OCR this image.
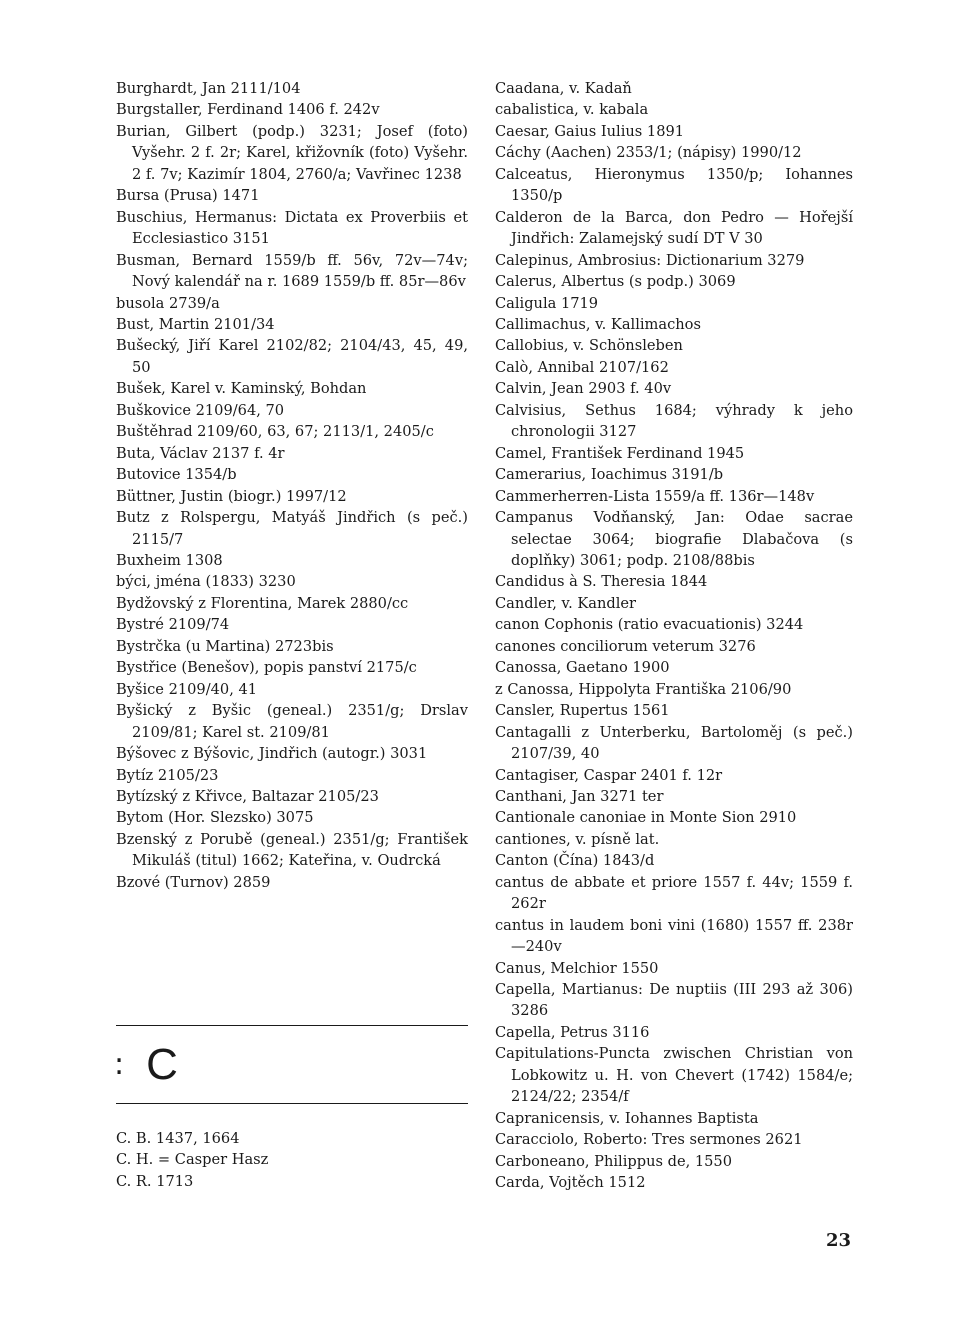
Burghardt, Jan 2111/104
Burgstaller, Ferdinand 1406 f. 242v
Burian, Gilbert (podp.) 3231; Josef (foto) Vyšehr. 2 f. 2r; Karel, křižovník (foto) Vyšehr. 2 f. 7v; Kazimír 1804, 2760/a; Vavřinec 1238
Bursa (Prusa) 1471
Buschius, Hermanus: Dictata ex Proverbiis et Ecclesiastico 3151
Busman, Bernard 1559/b ff. 56v, 72v—74v; Nový kalendář na r. 1689 1559/b ff. 85r—86v
busola 2739/a
Bust, Martin 2101/34
Bušecký, Jiří Karel 2102/82; 2104/43, 45, 49, 50
Bušek, Karel v. Kaminský, Bohdan
Buškovice 2109/64, 70
Buštěhrad 2109/60, 63, 67; 2113/1, 2405/c
Buta, Václav 2137 f. 4r
Butovice 1354/b
Büttner, Justin (biogr.) 1997/12
Butz z Rolspergu, Matyáš Jindřich (s peč.) 2115/7
Buxheim 1308
býci, jména (1833) 3230
Bydžovský z Florentina, Marek 2880/cc
Bystré 2109/74
Bystrčka (u Martina) 2723bis
Bystřice (Benešov), popis panství 2175/c
Byšice 2109/40, 41
Byšický z Byšic (geneal.) 2351/g; Drslav 2109/81; Karel st. 2109/81
Býšovec z Býšovic, Jindřich (autogr.) 3031
Bytíz 2105/23
Bytízský z Křivce, Baltazar 2105/23
Bytom (Hor. Slezsko) 3075
Bzenský z Porubě (geneal.) 2351/g; František Mikuláš (titul) 1662; Kateřina, v. Oudrcká
Bzové (Turnov) 2859
: C
C. B. 1437, 1664
C. H. = Casper Hasz
C. R. 1713
Caadana, v. Kadaň
cabalistica, v. kabala
Caesar, Gaius Iulius 1891
Cáchy (Aachen) 2353/1; (nápisy) 1990/12
Calceatus, Hieronymus 1350/p; Iohannes 1350/p
Calderon de la Barca, don Pedro — Hořejší Jindřich: Zalamejský sudí DT V 30
Calepinus, Ambrosius: Dictionarium 3279
Calerus, Albertus (s podp.) 3069
Caligula 1719
Callimachus, v. Kallimachos
Callobius, v. Schönsleben
Calò, Annibal 2107/162
Calvin, Jean 2903 f. 40v
Calvisius, Sethus 1684; výhrady k jeho chronologii 3127
Camel, František Ferdinand 1945
Camerarius, Ioachimus 3191/b
Cammerherren-Lista 1559/a ff. 136r—148v
Campanus Vodňanský, Jan: Odae sacrae selectae 3064; biografie Dlabačova (s doplňky) 3061; podp. 2108/88bis
Candidus à S. Theresia 1844
Candler, v. Kandler
canon Cophonis (ratio evacuationis) 3244
canones conciliorum veterum 3276
Canossa, Gaetano 1900
z Canossa, Hippolyta Františka 2106/90
Cansler, Rupertus 1561
Cantagalli z Unterberku, Bartoloměj (s peč.) 2107/39, 40
Cantagiser, Caspar 2401 f. 12r
Canthani, Jan 3271 ter
Cantionale canoniae in Monte Sion 2910
cantiones, v. písně lat.
Canton (Čína) 1843/d
cantus de abbate et priore 1557 f. 44v; 1559 f. 262r
cantus in laudem boni vini (1680) 1557 ff. 238r—240v
Canus, Melchior 1550
Capella, Martianus: De nuptiis (III 293 až 306) 3286
Capella, Petrus 3116
Capitulations-Puncta zwischen Christian von Lobkowitz u. H. von Chevert (1742) 1584/e; 2124/22; 2354/f
Capranicensis, v. Iohannes Baptista
Caracciolo, Roberto: Tres sermones 2621
Carboneano, Philippus de, 1550
Carda, Vojtěch 1512
23
